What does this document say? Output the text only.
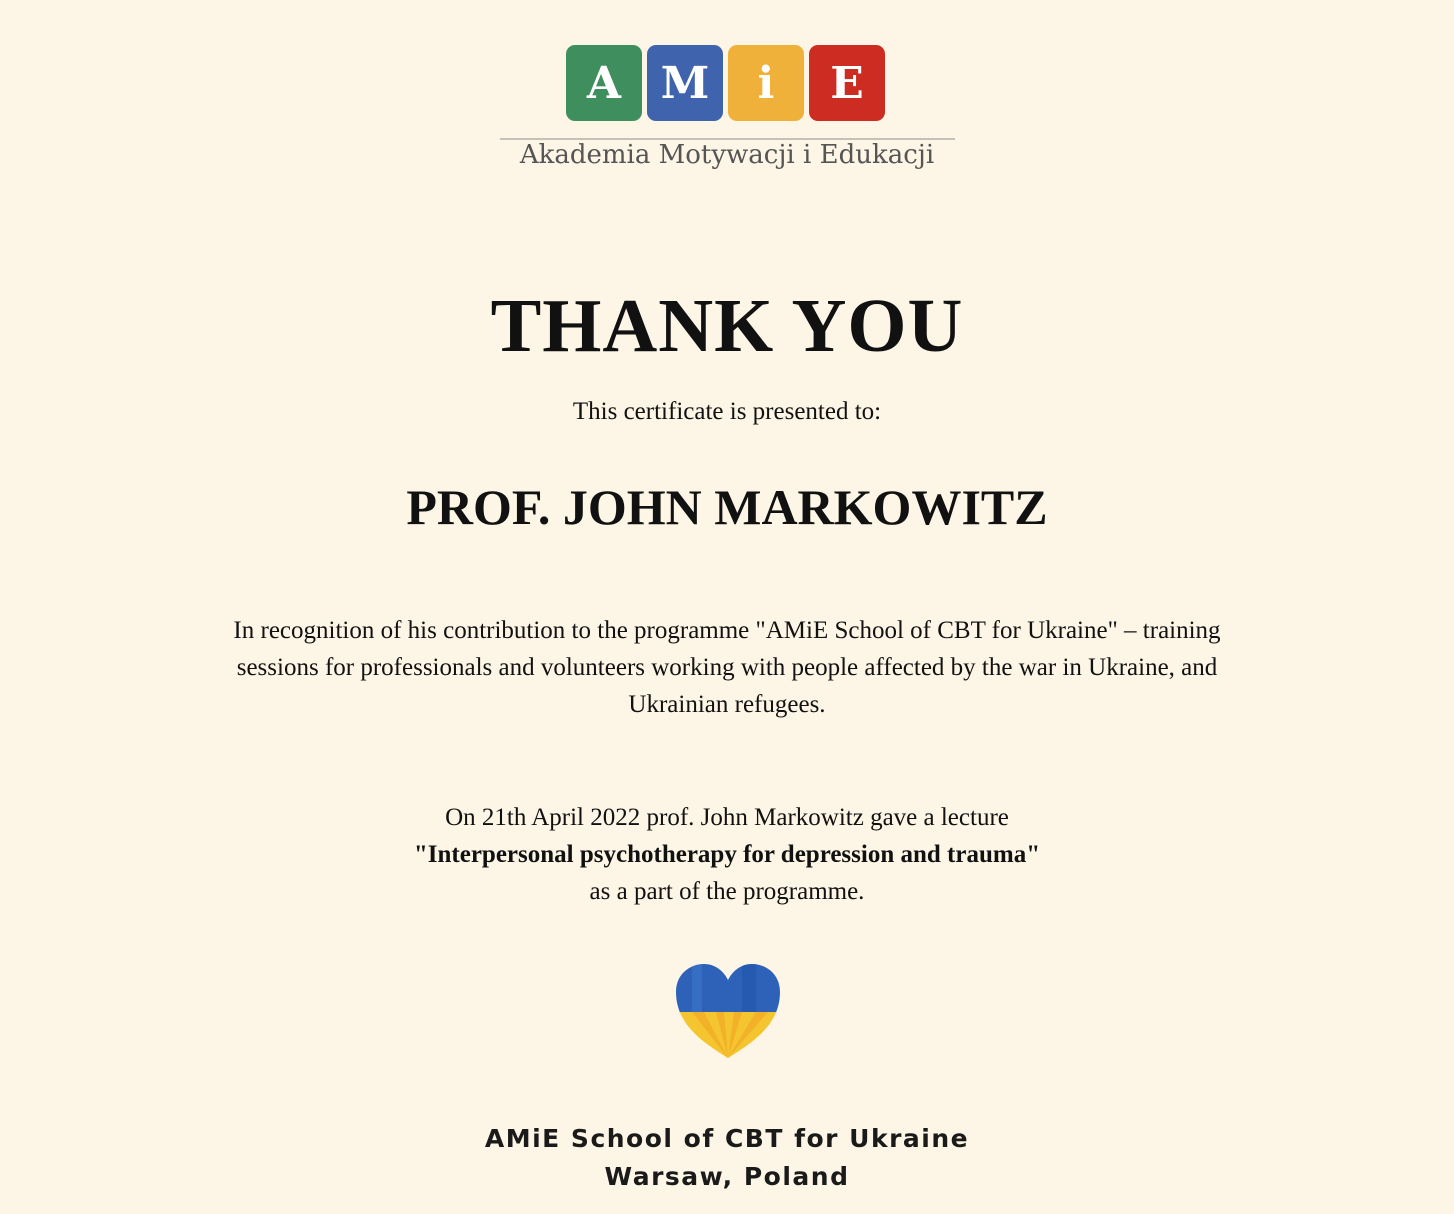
A M	i	E
Akademia Motywacji i Edukacji
THANK YOU
This certificate is presented to:
PROF. JOHN MARKOWITZ
In recognition of his contribution to the programme "AMiE School of CBT for Ukraine" – training sessions for professionals and volunteers working with people affected by the war in Ukraine, and Ukrainian refugees.
On 21th April 2022 prof. John Markowitz gave a lecture
"Interpersonal psychotherapy for depression and trauma"
as a part of the programme.
AMiE School of CBT for Ukraine
Warsaw, Poland
